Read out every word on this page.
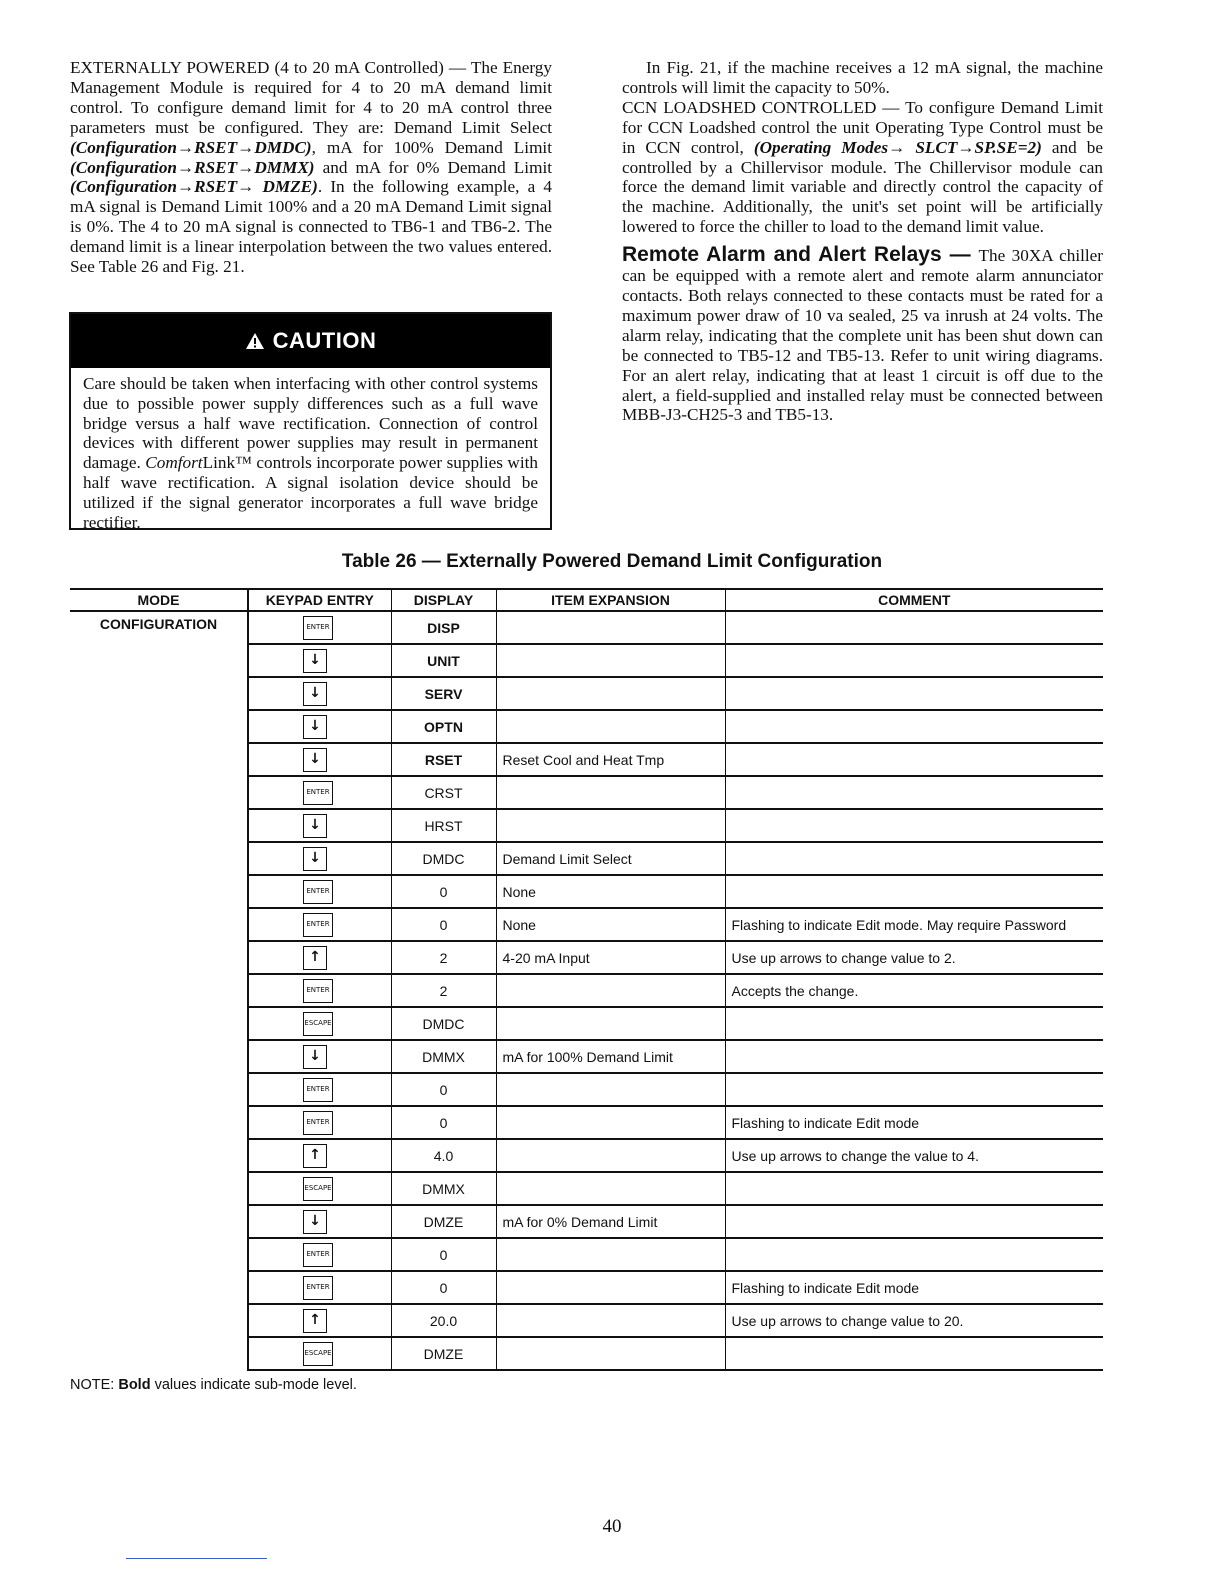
EXTERNALLY POWERED (4 to 20 mA Controlled) — The Energy Management Module is required for 4 to 20 mA demand limit control. To configure demand limit for 4 to 20 mA control three parameters must be configured. They are: Demand Limit Select (Configuration→RSET→DMDC), mA for 100% Demand Limit (Configuration→RSET→DMMX) and mA for 0% Demand Limit (Configuration→RSET→ DMZE). In the following example, a 4 mA signal is Demand Limit 100% and a 20 mA Demand Limit signal is 0%. The 4 to 20 mA signal is connected to TB6-1 and TB6-2. The demand limit is a linear interpolation between the two values entered. See Table 26 and Fig. 21.

CAUTION
Care should be taken when interfacing with other control systems due to possible power supply differences such as a full wave bridge versus a half wave rectification. Connection of control devices with different power supplies may result in permanent damage. ComfortLink™ controls incorporate power supplies with half wave rectification. A signal isolation device should be utilized if the signal generator incorporates a full wave bridge rectifier.

In Fig. 21, if the machine receives a 12 mA signal, the machine controls will limit the capacity to 50%.

CCN LOADSHED CONTROLLED — To configure Demand Limit for CCN Loadshed control the unit Operating Type Control must be in CCN control, (Operating Modes→ SLCT→SP.SE=2) and be controlled by a Chillervisor module. The Chillervisor module can force the demand limit variable and directly control the capacity of the machine. Additionally, the unit's set point will be artificially lowered to force the chiller to load to the demand limit value.

Remote Alarm and Alert Relays — The 30XA chiller can be equipped with a remote alert and remote alarm annunciator contacts. Both relays connected to these contacts must be rated for a maximum power draw of 10 va sealed, 25 va inrush at 24 volts. The alarm relay, indicating that the complete unit has been shut down can be connected to TB5-12 and TB5-13. Refer to unit wiring diagrams. For an alert relay, indicating that at least 1 circuit is off due to the alert, a field-supplied and installed relay must be connected between MBB-J3-CH25-3 and TB5-13.

Table 26 — Externally Powered Demand Limit Configuration
MODE	KEYPAD ENTRY	DISPLAY	ITEM EXPANSION	COMMENT
CONFIGURATION	ENTER	DISP		
	↓	UNIT		
	↓	SERV		
	↓	OPTN		
	↓	RSET	Reset Cool and Heat Tmp	
	ENTER	CRST		
	↓	HRST		
	↓	DMDC	Demand Limit Select	
	ENTER	0	None	
	ENTER	0	None	Flashing to indicate Edit mode. May require Password
	↑	2	4-20 mA Input	Use up arrows to change value to 2.
	ENTER	2		Accepts the change.
	ESCAPE	DMDC		
	↓	DMMX	mA for 100% Demand Limit	
	ENTER	0		
	ENTER	0		Flashing to indicate Edit mode
	↑	4.0		Use up arrows to change the value to 4.
	ESCAPE	DMMX		
	↓	DMZE	mA for 0% Demand Limit	
	ENTER	0		
	ENTER	0		Flashing to indicate Edit mode
	↑	20.0		Use up arrows to change value to 20.
	ESCAPE	DMZE		
NOTE: Bold values indicate sub-mode level.
40
